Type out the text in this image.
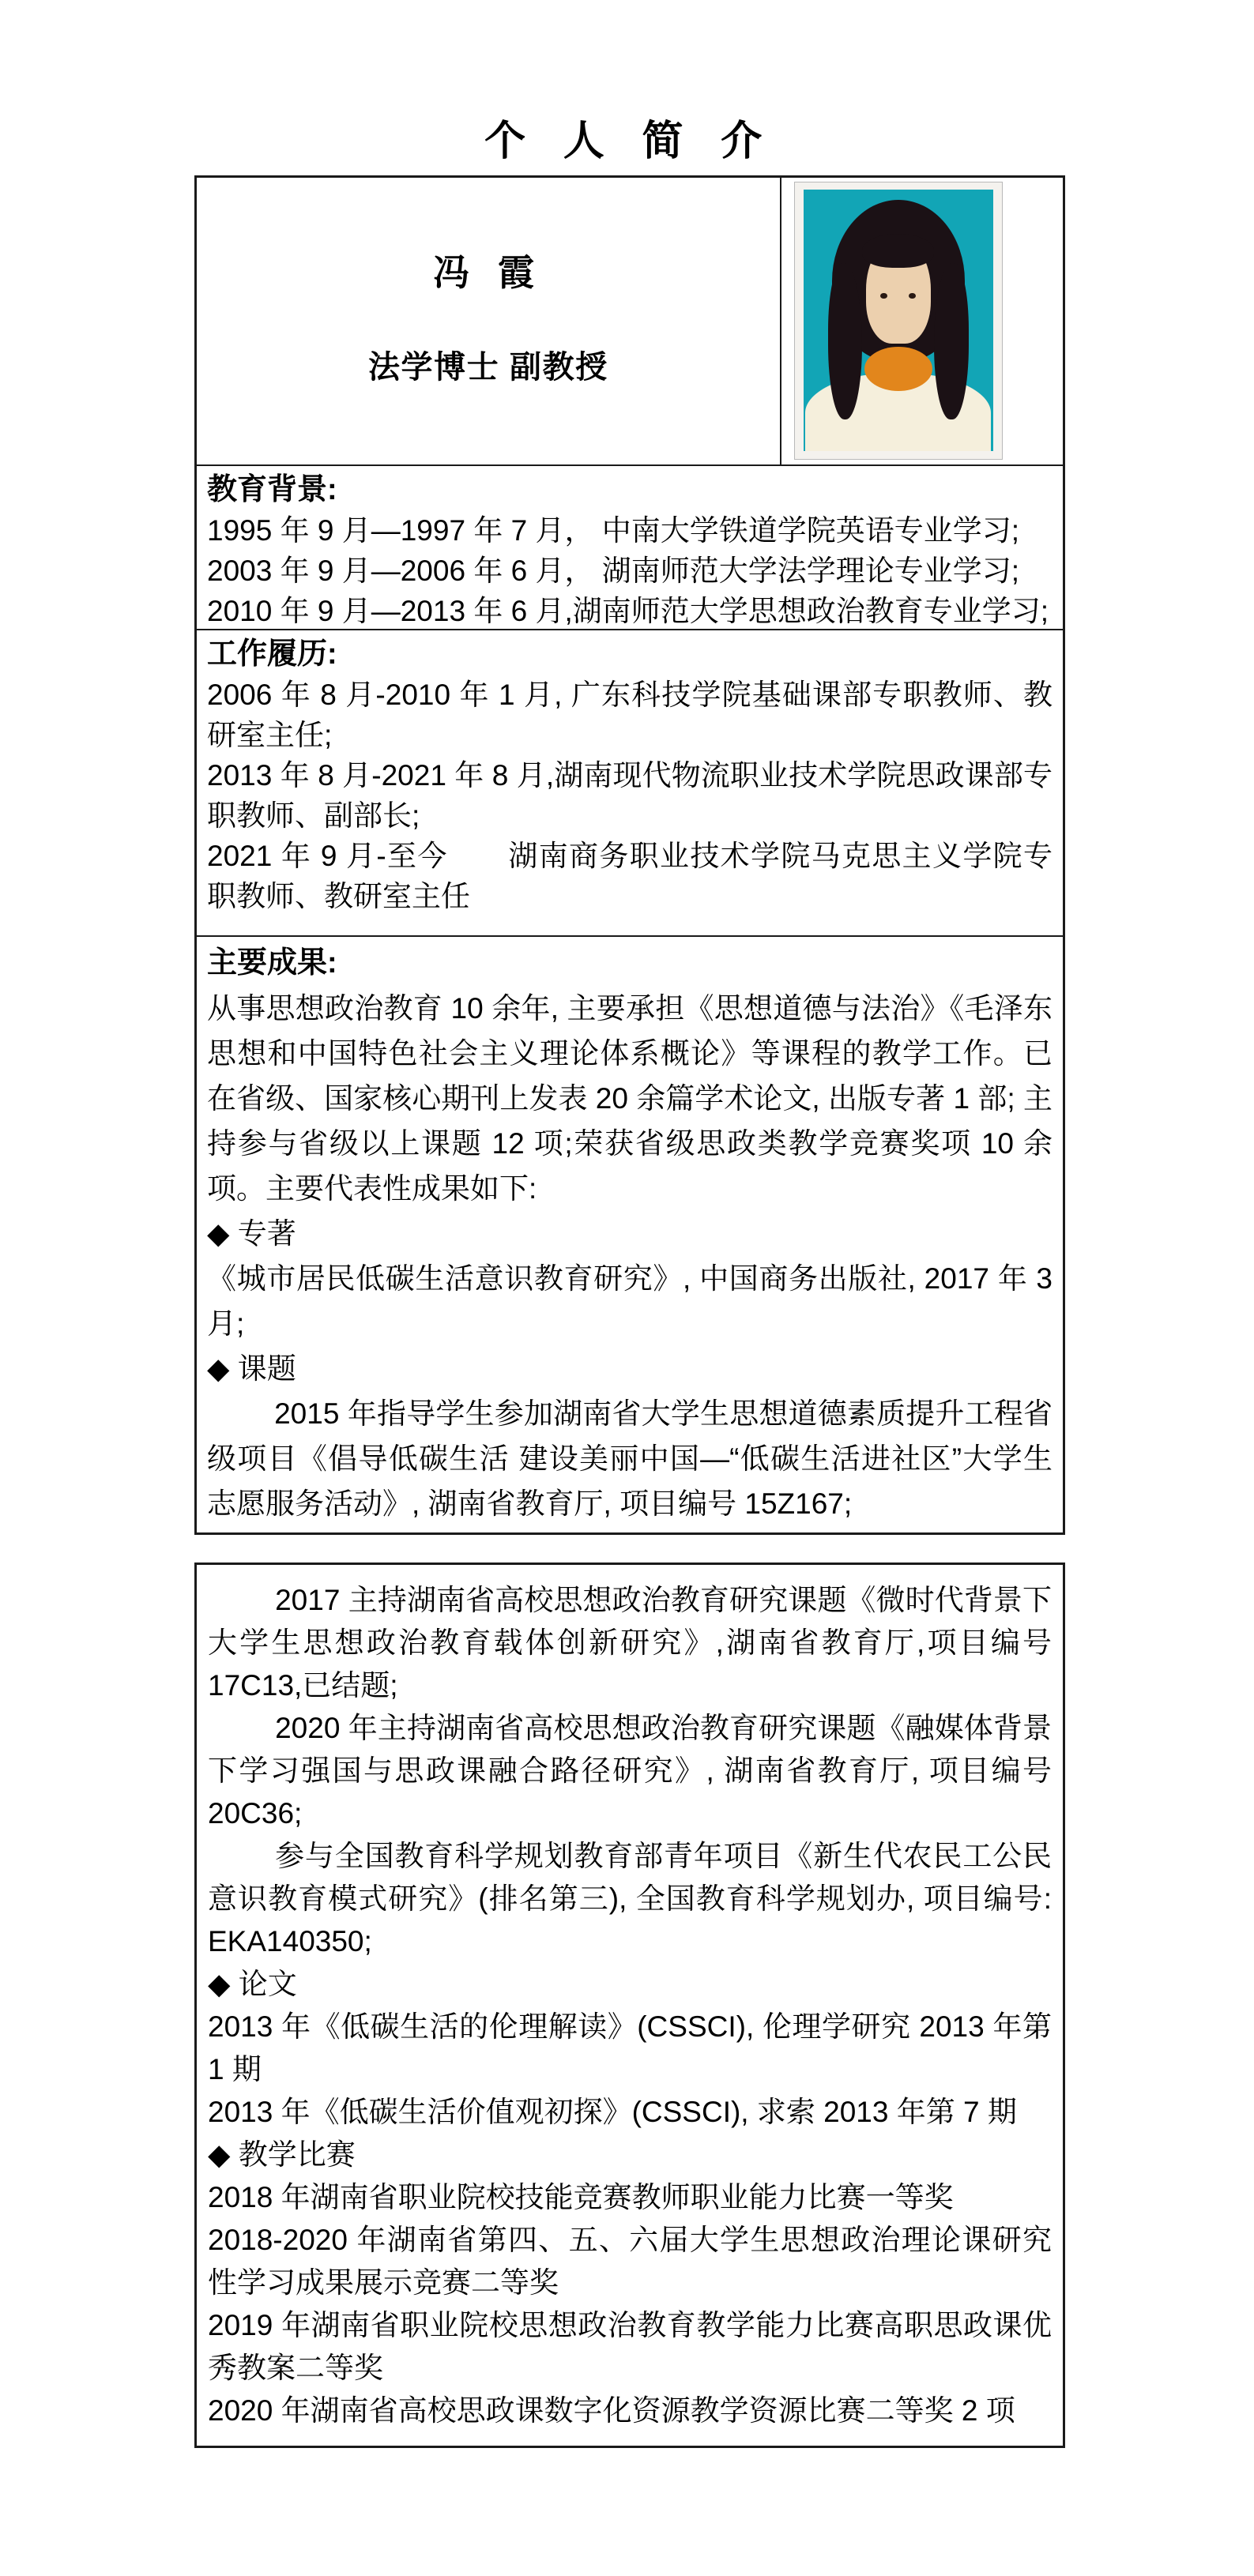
个 人 简 介
冯 霞
法学博士 副教授
教育背景:
1995 年 9 月—1997 年 7 月， 中南大学铁道学院英语专业学习;
2003 年 9 月—2006 年 6 月， 湖南师范大学法学理论专业学习;
2010 年 9 月—2013 年 6 月,湖南师范大学思想政治教育专业学习;
工作履历:
2006 年 8 月-2010 年 1 月, 广东科技学院基础课部专职教师、教研室主任;
2013 年 8 月-2021 年 8 月,湖南现代物流职业技术学院思政课部专职教师、副部长;
2021 年 9 月-至今　　湖南商务职业技术学院马克思主义学院专职教师、教研室主任
主要成果:
从事思想政治教育 10 余年, 主要承担《思想道德与法治》《毛泽东思想和中国特色社会主义理论体系概论》等课程的教学工作。已在省级、国家核心期刊上发表 20 余篇学术论文, 出版专著 1 部; 主持参与省级以上课题 12 项;荣获省级思政类教学竞赛奖项 10 余项。主要代表性成果如下:
◆ 专著
《城市居民低碳生活意识教育研究》, 中国商务出版社, 2017 年 3 月;
◆ 课题
2015 年指导学生参加湖南省大学生思想道德素质提升工程省级项目《倡导低碳生活 建设美丽中国—“低碳生活进社区”大学生志愿服务活动》, 湖南省教育厅, 项目编号 15Z167;
2017 主持湖南省高校思想政治教育研究课题《微时代背景下大学生思想政治教育载体创新研究》,湖南省教育厅,项目编号 17C13,已结题;
2020 年主持湖南省高校思想政治教育研究课题《融媒体背景下学习强国与思政课融合路径研究》, 湖南省教育厅, 项目编号 20C36;
参与全国教育科学规划教育部青年项目《新生代农民工公民意识教育模式研究》(排名第三), 全国教育科学规划办, 项目编号: EKA140350;
◆ 论文
2013 年《低碳生活的伦理解读》(CSSCI), 伦理学研究 2013 年第 1 期
2013 年《低碳生活价值观初探》(CSSCI), 求索 2013 年第 7 期
◆ 教学比赛
2018 年湖南省职业院校技能竞赛教师职业能力比赛一等奖
2018-2020 年湖南省第四、五、六届大学生思想政治理论课研究性学习成果展示竞赛二等奖
2019 年湖南省职业院校思想政治教育教学能力比赛高职思政课优秀教案二等奖
2020 年湖南省高校思政课数字化资源教学资源比赛二等奖 2 项
